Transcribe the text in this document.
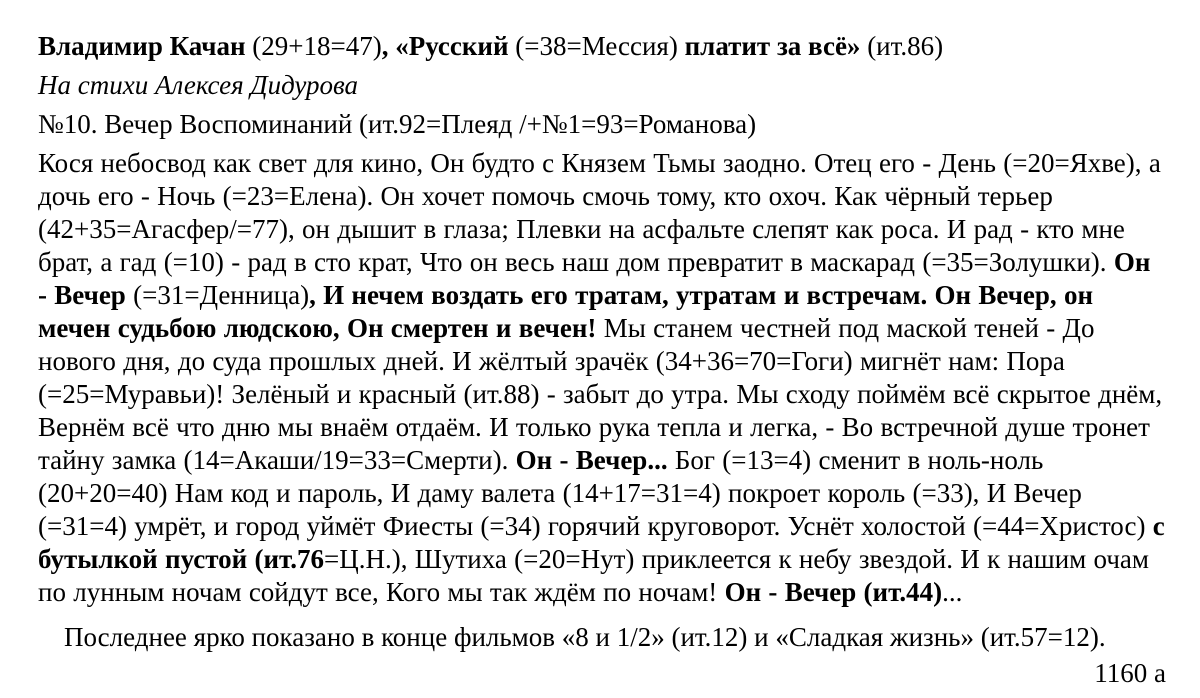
Владимир Качан (29+18=47), «Русский (=38=Мессия) платит за всё» (ит.86)

На стихи Алексея Дидурова

№10. Вечер Воспоминаний (ит.92=Плеяд /+№1=93=Романова)

Кося небосвод как свет для кино, Он будто с Князем Тьмы заодно. Отец его - День (=20=Яхве), а дочь его - Ночь (=23=Елена). Он хочет помочь смочь тому, кто охоч. Как чёрный терьер (42+35=Агасфер/=77), он дышит в глаза; Плевки на асфальте слепят как роса. И рад - кто мне брат, а гад (=10) - рад в сто крат, Что он весь наш дом превратит в маскарад (=35=Золушки). Он - Вечер (=31=Денница), И нечем воздать его тратам, утратам и встречам. Он Вечер, он мечен судьбою людскою, Он смертен и вечен! Мы станем честней под маской теней - До нового дня, до суда прошлых дней. И жёлтый зрачёк (34+36=70=Гоги) мигнёт нам: Пора (=25=Муравьи)! Зелёный и красный (ит.88) - забыт до утра. Мы сходу поймём всё скрытое днём, Вернём всё что дню мы внаём отдаём. И только рука тепла и легка, - Во встречной душе тронет тайну замка (14=Акаши/19=33=Смерти). Он - Вечер... Бог (=13=4) сменит в ноль-ноль (20+20=40) Нам код и пароль, И даму валета (14+17=31=4) покроет король (=33), И Вечер (=31=4) умрёт, и город уймёт Фиесты (=34) горячий круговорот. Уснёт холостой (=44=Христос) с бутылкой пустой (ит.76=Ц.Н.), Шутиха (=20=Нут) приклеется к небу звездой. И к нашим очам по лунным ночам сойдут все, Кого мы так ждём по ночам! Он - Вечер (ит.44)...

Последнее ярко показано в конце фильмов «8 и 1/2» (ит.12) и «Сладкая жизнь» (ит.57=12).

1160 a
